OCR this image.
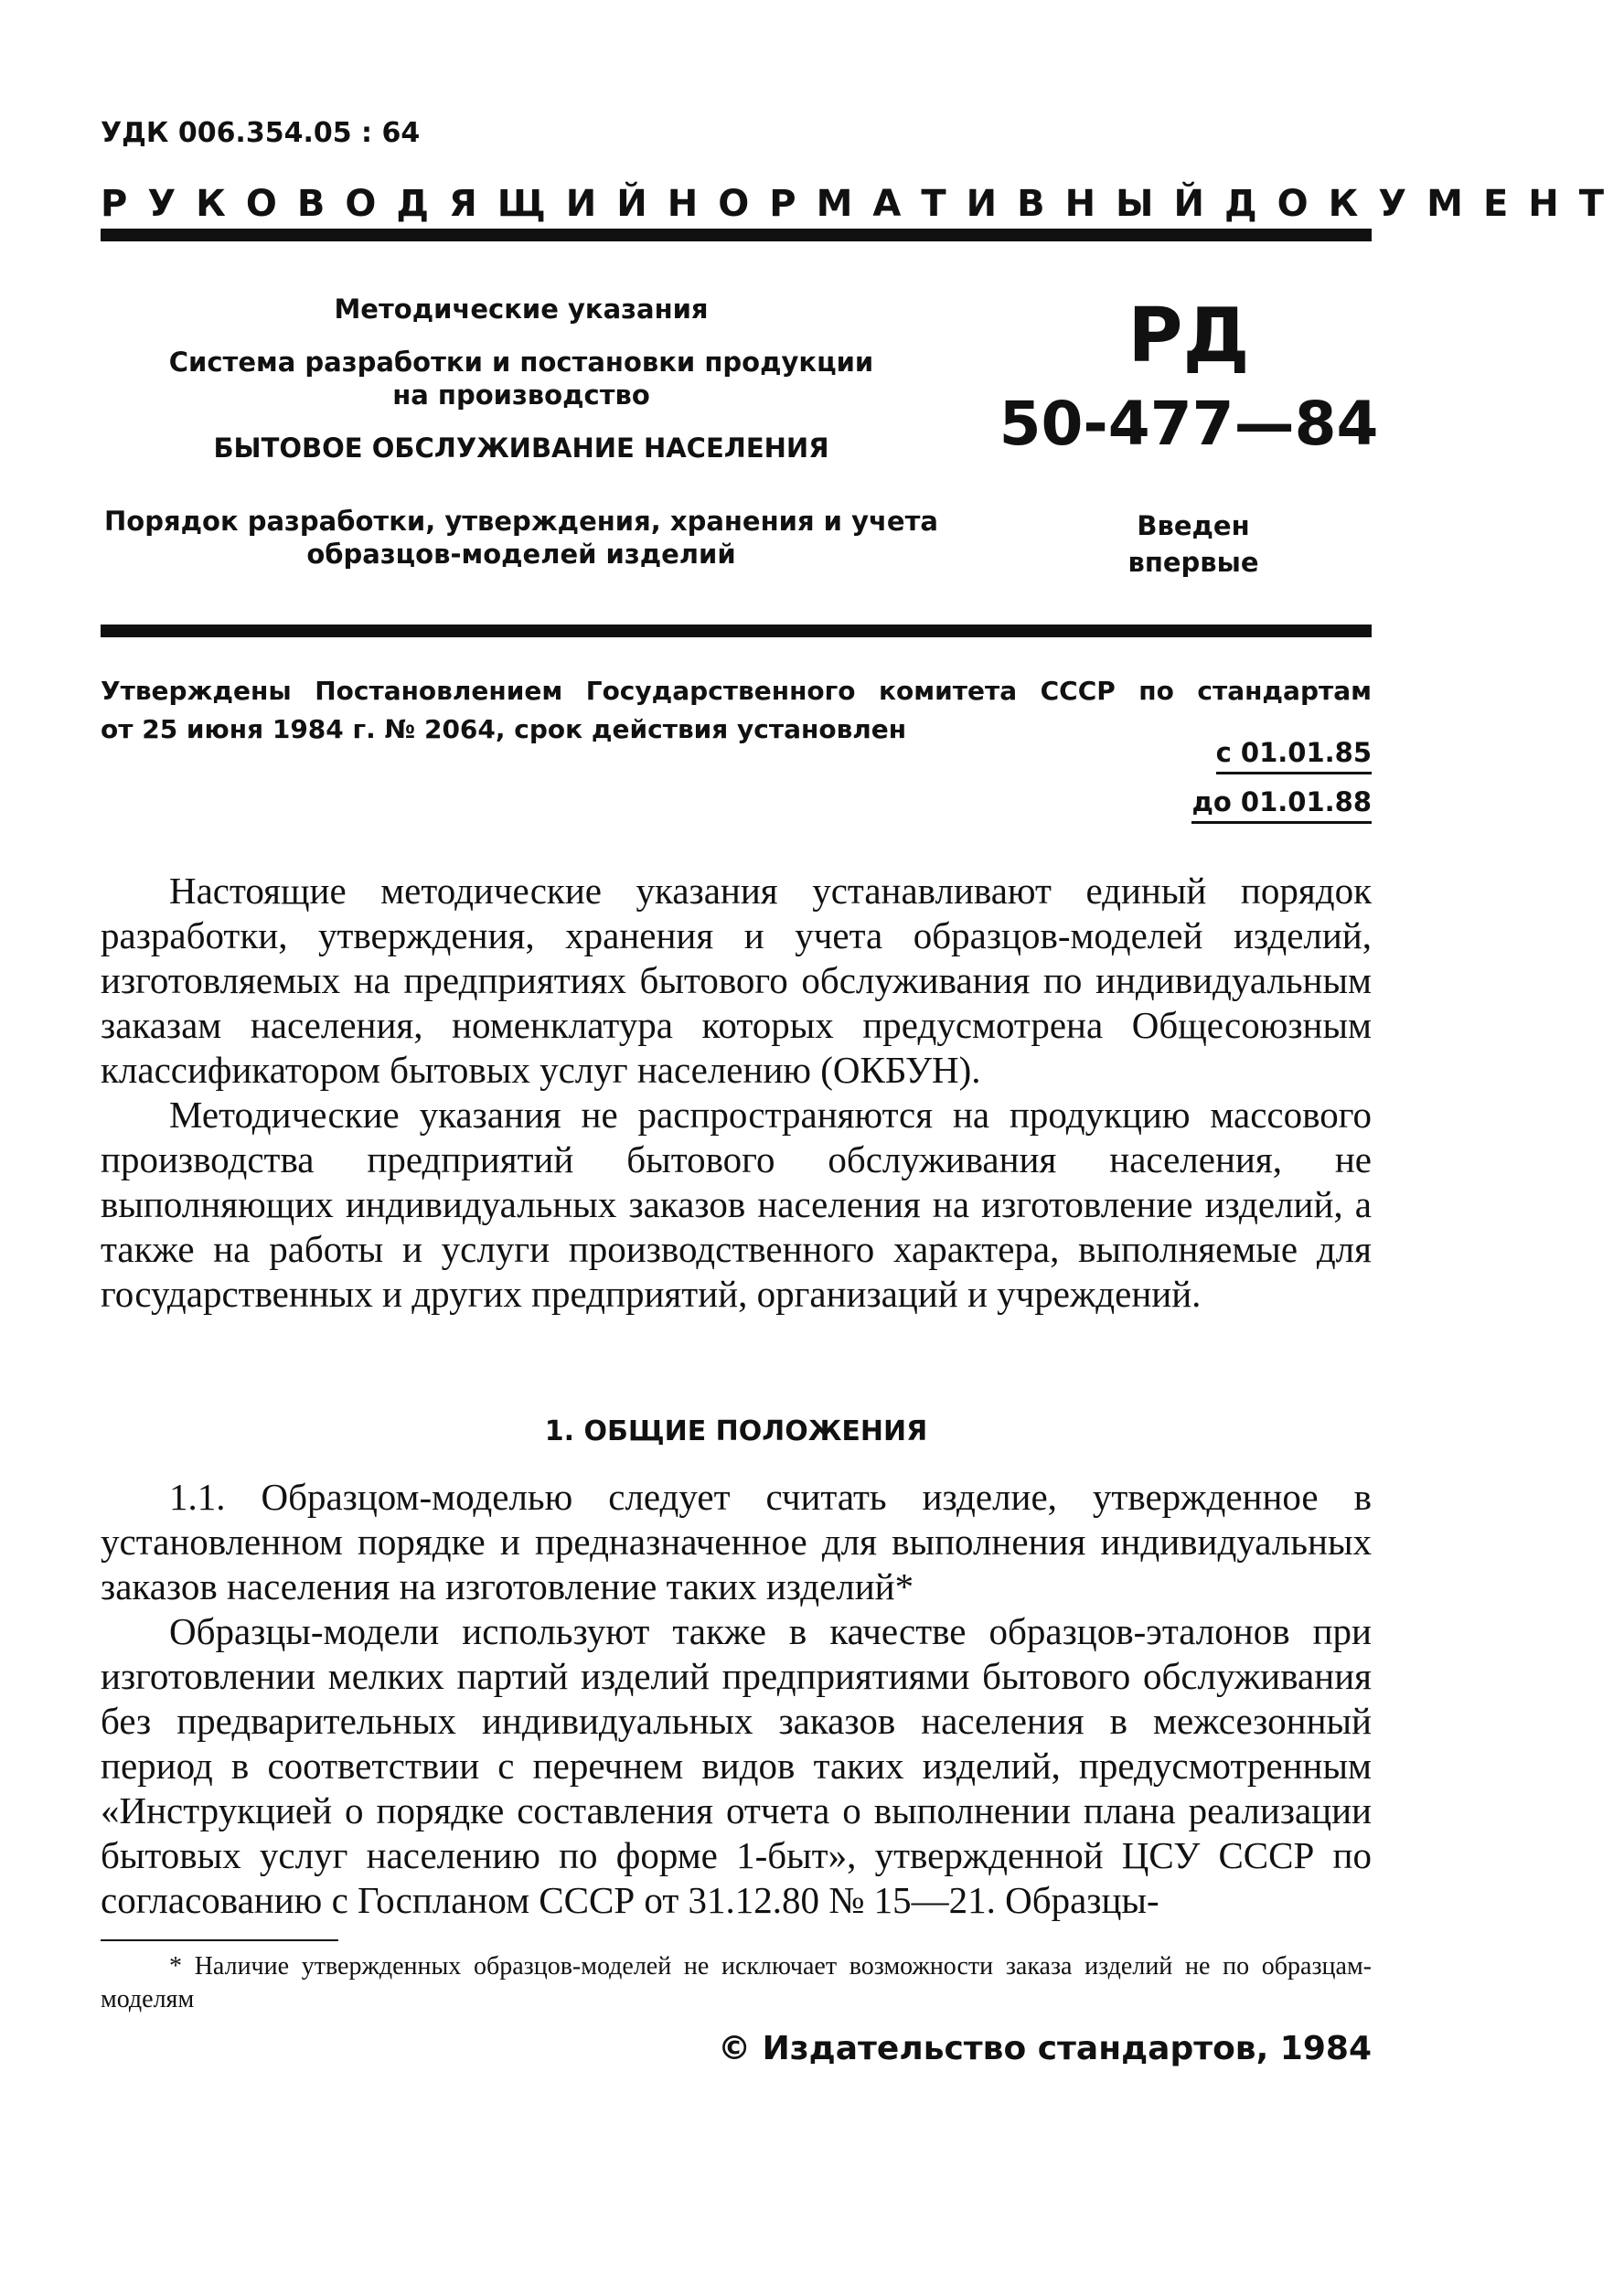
УДК 006.354.05 : 64
РУКОВОДЯЩИЙ НОРМАТИВНЫЙ ДОКУМЕНТ
Методические указания
Система разработки и постановки продукции
на производство
БЫТОВОЕ ОБСЛУЖИВАНИЕ НАСЕЛЕНИЯ
Порядок разработки, утверждения, хранения и учета
образцов-моделей изделий
РД
50-477—84
Введен
впервые
Утверждены Постановлением Государственного комитета СССР по стандартам
от 25 июня 1984 г. № 2064, срок действия установлен
с 01.01.85
до 01.01.88

Настоящие методические указания устанавливают единый порядок разработки, утверждения, хранения и учета образцов-моделей изделий, изготовляемых на предприятиях бытового обслуживания по индивидуальным заказам населения, номенклатура которых предусмотрена Общесоюзным классификатором бытовых услуг населению (ОКБУН).

Методические указания не распространяются на продукцию массового производства предприятий бытового обслуживания населения, не выполняющих индивидуальных заказов населения на изготовление изделий, а также на работы и услуги производственного характера, выполняемые для государственных и других предприятий, организаций и учреждений.

1. ОБЩИЕ ПОЛОЖЕНИЯ

1.1. Образцом-моделью следует считать изделие, утвержденное в установленном порядке и предназначенное для выполнения индивидуальных заказов населения на изготовление таких изделий*

Образцы-модели используют также в качестве образцов-эталонов при изготовлении мелких партий изделий предприятиями бытового обслуживания без предварительных индивидуальных заказов населения в межсезонный период в соответствии с перечнем видов таких изделий, предусмотренным «Инструкцией о порядке составления отчета о выполнении плана реализации бытовых услуг населению по форме 1-быт», утвержденной ЦСУ СССР по согласованию с Госпланом СССР от 31.12.80 № 15—21. Образцы-

* Наличие утвержденных образцов-моделей не исключает возможности заказа изделий не по образцам-моделям
© Издательство стандартов, 1984
